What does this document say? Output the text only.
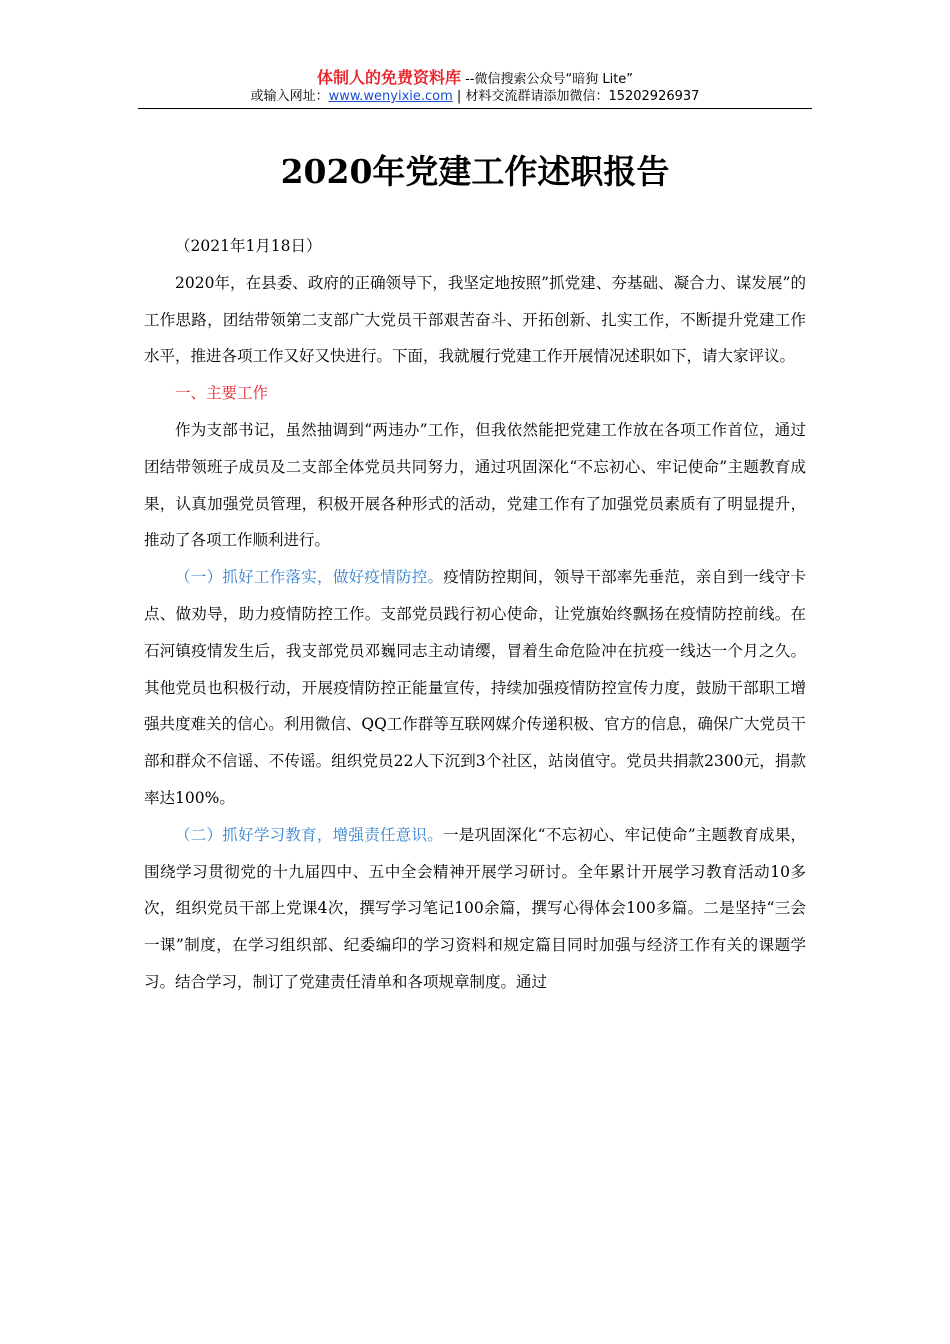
体制人的免费资料库 --微信搜索公众号“暗狗 Lite”
或输入网址：www.wenyixie.com | 材料交流群请添加微信：15202926937
2020年党建工作述职报告

（2021年1月18日）

2020年，在县委、政府的正确领导下，我坚定地按照”抓党建、夯基础、凝合力、谋发展”的工作思路，团结带领第二支部广大党员干部艰苦奋斗、开拓创新、扎实工作，不断提升党建工作水平，推进各项工作又好又快进行。下面，我就履行党建工作开展情况述职如下，请大家评议。

一、主要工作

作为支部书记，虽然抽调到“两违办”工作，但我依然能把党建工作放在各项工作首位，通过团结带领班子成员及二支部全体党员共同努力，通过巩固深化“不忘初心、牢记使命”主题教育成果，认真加强党员管理，积极开展各种形式的活动，党建工作有了加强党员素质有了明显提升，推动了各项工作顺利进行。

（一）抓好工作落实，做好疫情防控。疫情防控期间，领导干部率先垂范，亲自到一线守卡点、做劝导，助力疫情防控工作。支部党员践行初心使命，让党旗始终飘扬在疫情防控前线。在石河镇疫情发生后，我支部党员邓巍同志主动请缨，冒着生命危险冲在抗疫一线达一个月之久。其他党员也积极行动，开展疫情防控正能量宣传，持续加强疫情防控宣传力度，鼓励干部职工增强共度难关的信心。利用微信、QQ工作群等互联网媒介传递积极、官方的信息，确保广大党员干部和群众不信谣、不传谣。组织党员22人下沉到3个社区，站岗值守。党员共捐款2300元，捐款率达100%。

（二）抓好学习教育，增强责任意识。一是巩固深化“不忘初心、牢记使命”主题教育成果，围绕学习贯彻党的十九届四中、五中全会精神开展学习研讨。全年累计开展学习教育活动10多次，组织党员干部上党课4次，撰写学习笔记100余篇，撰写心得体会100多篇。二是坚持“三会一课”制度，在学习组织部、纪委编印的学习资料和规定篇目同时加强与经济工作有关的课题学习。结合学习，制订了党建责任清单和各项规章制度。通过
